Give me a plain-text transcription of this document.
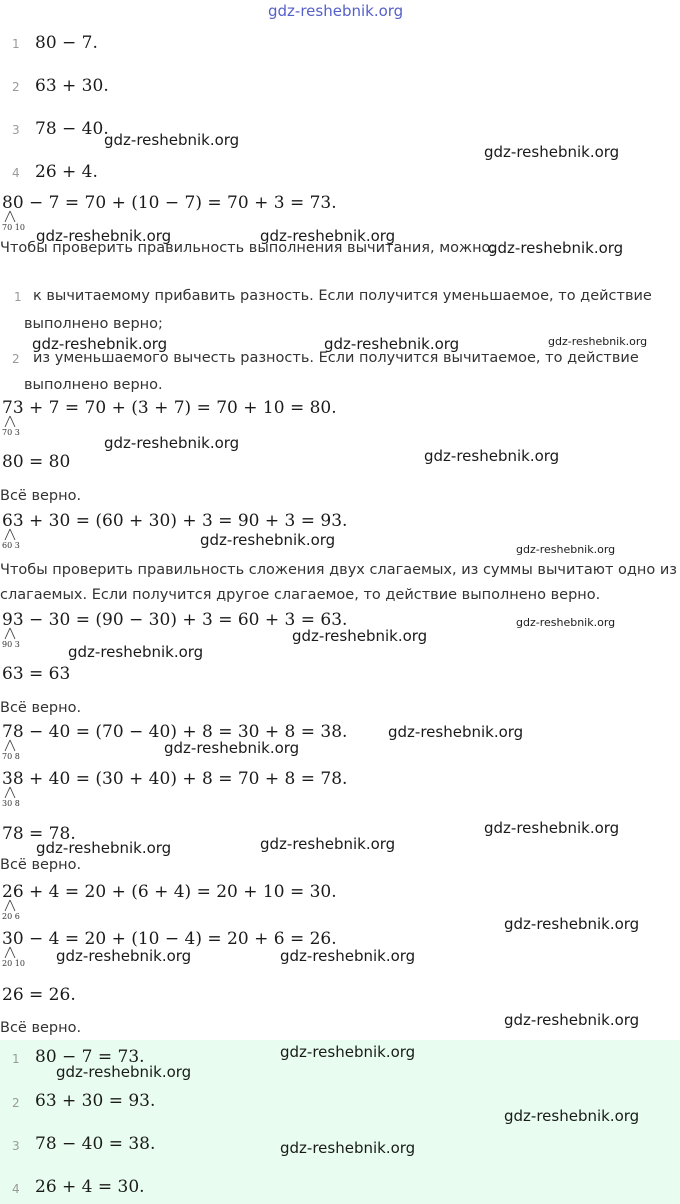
gdz-reshebnik.org
1 80 − 7.
2 63 + 30.
3 78 − 40.
4 26 + 4.
80 − 7 = 70 + (10 − 7) = 70 + 3 = 73.
70 10
Чтобы проверить правильность выполнения вычитания, можно:
1 к вычитаемому прибавить разность. Если получится уменьшаемое, то действие
выполнено верно;
2 из уменьшаемого вычесть разность. Если получится вычитаемое, то действие
выполнено верно.
73 + 7 = 70 + (3 + 7) = 70 + 10 = 80.
70 3
80 = 80
Всё верно.
63 + 30 = (60 + 30) + 3 = 90 + 3 = 93.
60 3
Чтобы проверить правильность сложения двух слагаемых, из суммы вычитают одно из
слагаемых. Если получится другое слагаемое, то действие выполнено верно.
93 − 30 = (90 − 30) + 3 = 60 + 3 = 63.
90 3
63 = 63
Всё верно.
78 − 40 = (70 − 40) + 8 = 30 + 8 = 38.
70 8
38 + 40 = (30 + 40) + 8 = 70 + 8 = 78.
30 8
78 = 78.
Всё верно.
26 + 4 = 20 + (6 + 4) = 20 + 10 = 30.
20 6
30 − 4 = 20 + (10 − 4) = 20 + 6 = 26.
20 10
26 = 26.
Всё верно.
1 80 − 7 = 73.
2 63 + 30 = 93.
3 78 − 40 = 38.
4 26 + 4 = 30.
gdz-reshebnik.org
gdz-reshebnik.org
gdz-reshebnik.org	gdz-reshebnik.org
gdz-reshebnik.org
gdz-reshebnik.org	gdz-reshebnik.org	gdz-reshebnik.org
gdz-reshebnik.org
gdz-reshebnik.org
gdz-reshebnik.org
gdz-reshebnik.org
gdz-reshebnik.org
gdz-reshebnik.org
gdz-reshebnik.org
gdz-reshebnik.org
gdz-reshebnik.org
gdz-reshebnik.org
gdz-reshebnik.org
gdz-reshebnik.org
gdz-reshebnik.org
gdz-reshebnik.org	gdz-reshebnik.org
gdz-reshebnik.org
gdz-reshebnik.org
gdz-reshebnik.org
gdz-reshebnik.org
gdz-reshebnik.org
